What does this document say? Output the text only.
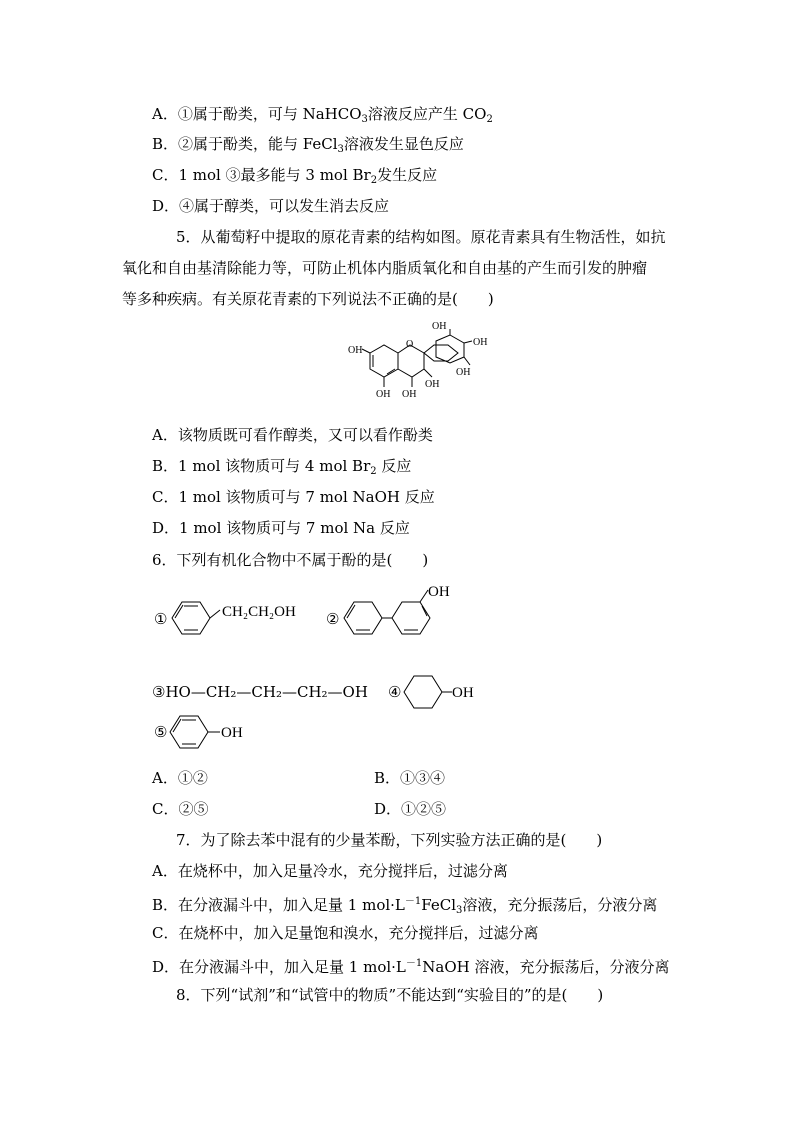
A．①属于酚类，可与 NaHCO$_3$溶液反应产生 $CO_2$
B．②属于酚类，能与 FeCl$_3$溶液发生显色反应
C．1 mol ③最多能与 3 mol $Br_2$发生反应
D．④属于醇类，可以发生消去反应
5．从葡萄籽中提取的原花青素的结构如图。原花青素具有生物活性，如抗
氧化和自由基清除能力等，可防止机体内脂质氧化和自由基的产生而引发的肿瘤
等多种疾病。有关原花青素的下列说法不正确的是(　　)
OH
O
OH
OH
OH
OH
OH OH
A．该物质既可看作醇类，又可以看作酚类
B．1 mol 该物质可与 4 mol $Br_2$ 反应
C．1 mol 该物质可与 7 mol NaOH 反应
D．1 mol 该物质可与 7 mol Na 反应
6．下列有机化合物中不属于酚的是(　　)
①	CH₂CH₂OH ②
OH
③HO—CH₂—CH₂—CH₂—OH ④	OH
⑤	OH
A．①②	B．①③④
C．②⑤	D．①②⑤
7．为了除去苯中混有的少量苯酚，下列实验方法正确的是(　　)
A．在烧杯中，加入足量冷水，充分搅拌后，过滤分离
B．在分液漏斗中，加入足量 1 $mol\cdot L^{-1}FeCl_3$溶液，充分振荡后，分液分离
C．在烧杯中，加入足量饱和溴水，充分搅拌后，过滤分离
D．在分液漏斗中，加入足量 1 $mol\cdot L^{-1}NaOH$ 溶液，充分振荡后，分液分离
8．下列“试剂”和“试管中的物质”不能达到“实验目的”的是(　　)
